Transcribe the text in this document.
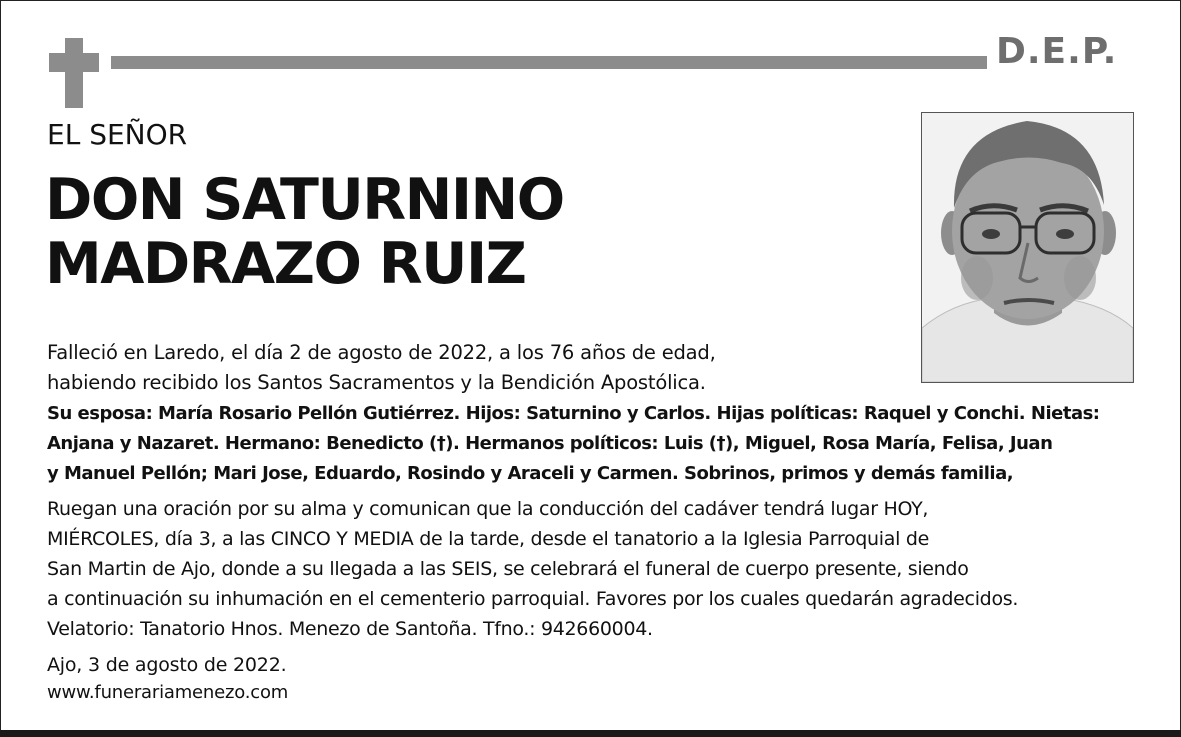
D.E.P.
EL SEÑOR
DON SATURNINO
MADRAZO RUIZ
Falleció en Laredo, el día 2 de agosto de 2022, a los 76 años de edad,
habiendo recibido los Santos Sacramentos y la Bendición Apostólica.
Su esposa: María Rosario Pellón Gutiérrez. Hijos: Saturnino y Carlos. Hijas políticas: Raquel y Conchi. Nietas:
Anjana y Nazaret. Hermano: Benedicto (†). Hermanos políticos: Luis (†), Miguel, Rosa María, Felisa, Juan
y Manuel Pellón; Mari Jose, Eduardo, Rosindo y Araceli y Carmen. Sobrinos, primos y demás familia,
Ruegan una oración por su alma y comunican que la conducción del cadáver tendrá lugar HOY,
MIÉRCOLES, día 3, a las CINCO Y MEDIA de la tarde, desde el tanatorio a la Iglesia Parroquial de
San Martin de Ajo, donde a su llegada a las SEIS, se celebrará el funeral de cuerpo presente, siendo
a continuación su inhumación en el cementerio parroquial. Favores por los cuales quedarán agradecidos.
Velatorio: Tanatorio Hnos. Menezo de Santoña. Tfno.: 942660004.
Ajo, 3 de agosto de 2022.
www.funerariamenezo.com
